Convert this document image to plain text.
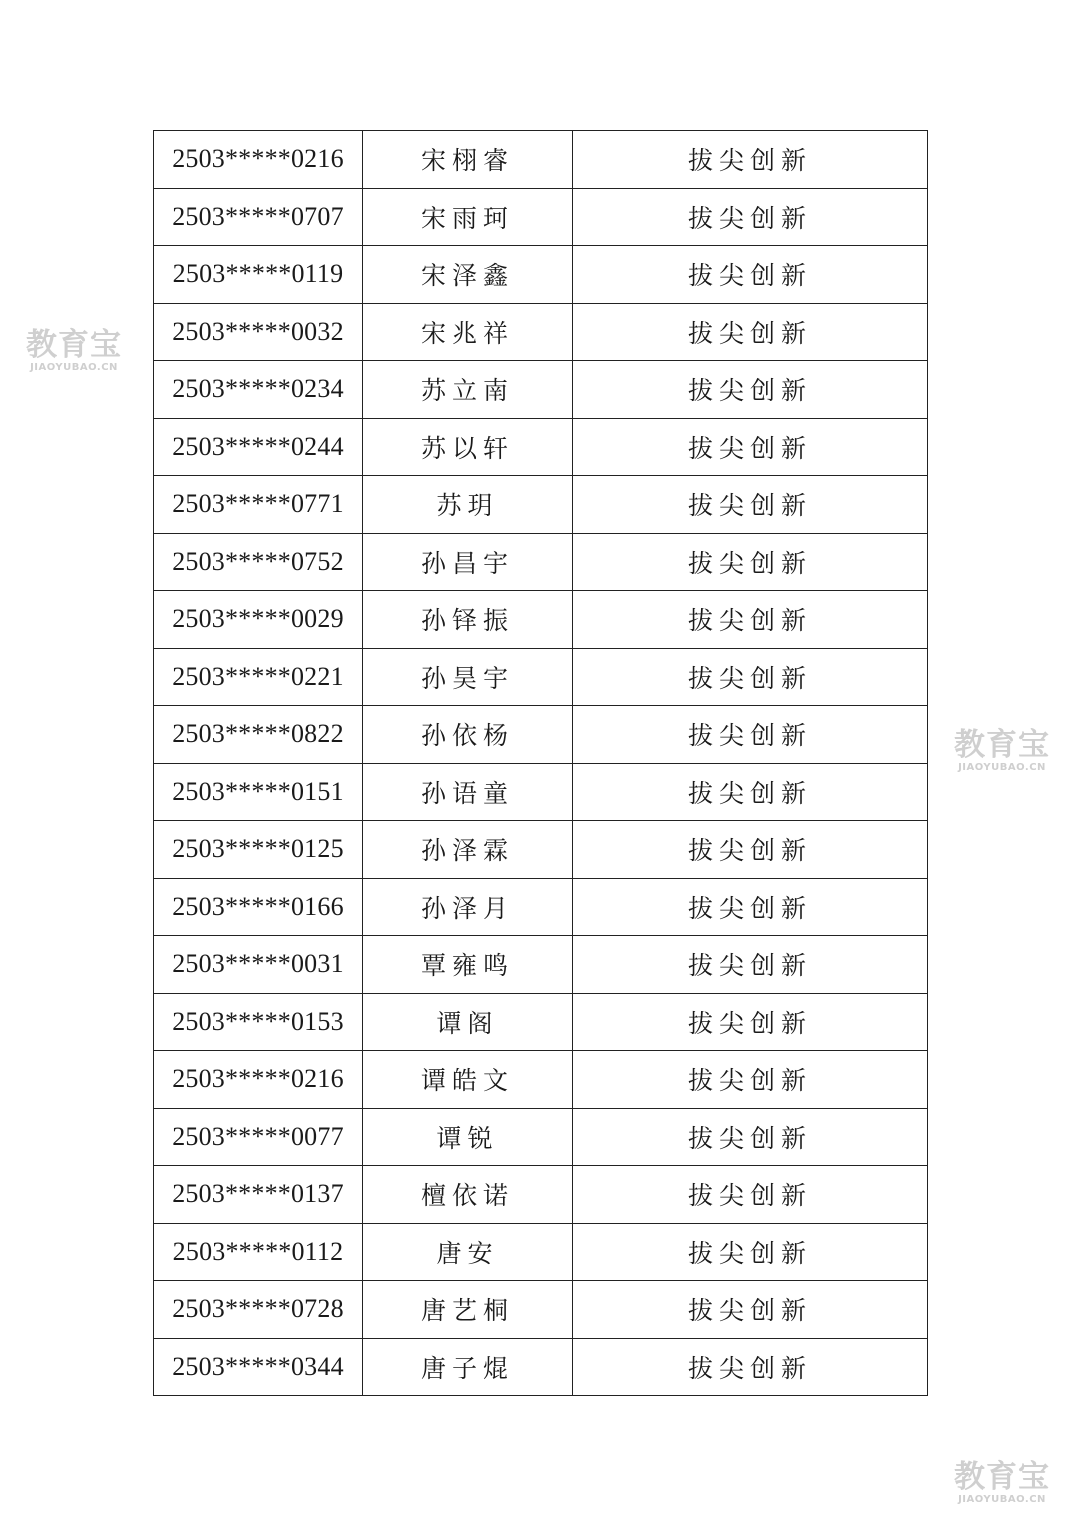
2503*****0216	宋栩睿	拔尖创新
2503*****0707	宋雨珂	拔尖创新
2503*****0119	宋泽鑫	拔尖创新
2503*****0032	宋兆祥	拔尖创新
2503*****0234	苏立南	拔尖创新
2503*****0244	苏以轩	拔尖创新
2503*****0771	苏玥	拔尖创新
2503*****0752	孙昌宇	拔尖创新
2503*****0029	孙铎振	拔尖创新
2503*****0221	孙昊宇	拔尖创新
2503*****0822	孙依杨	拔尖创新
2503*****0151	孙语童	拔尖创新
2503*****0125	孙泽霖	拔尖创新
2503*****0166	孙泽月	拔尖创新
2503*****0031	覃雍鸣	拔尖创新
2503*****0153	谭阁	拔尖创新
2503*****0216	谭皓文	拔尖创新
2503*****0077	谭锐	拔尖创新
2503*****0137	檀依诺	拔尖创新
2503*****0112	唐安	拔尖创新
2503*****0728	唐艺桐	拔尖创新
2503*****0344	唐子焜	拔尖创新
教育宝
JIAOYUBAO.CN
教育宝
JIAOYUBAO.CN
教育宝
JIAOYUBAO.CN
